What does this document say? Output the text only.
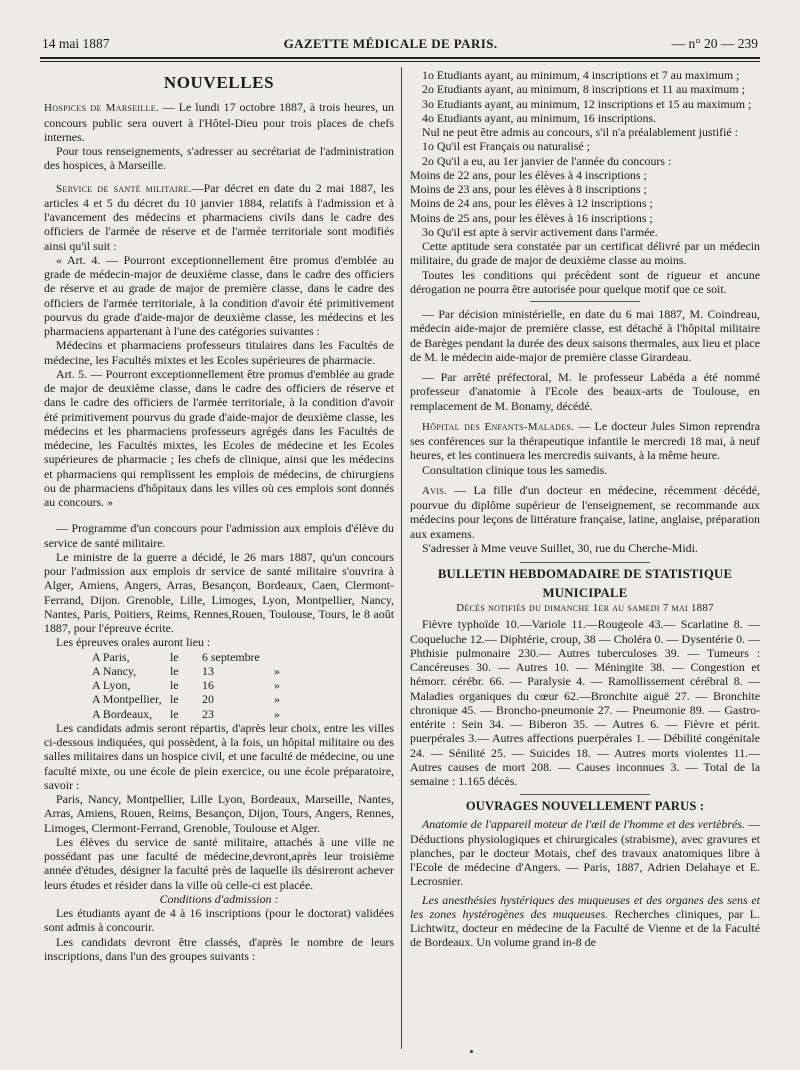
14 mai 1887	GAZETTE MÉDICALE DE PARIS.	— n° 20 — 239
NOUVELLES

Hospices de Marseille. — Le lundi 17 octobre 1887, à trois heures, un concours public sera ouvert à l'Hôtel-Dieu pour trois places de chefs internes.

Pour tous renseignements, s'adresser au secrétariat de l'administration des hospices, à Marseille.

Service de santé militaire.—Par décret en date du 2 mai 1887, les articles 4 et 5 du décret du 10 janvier 1884, relatifs à l'admission et à l'avancement des médecins et pharmaciens civils dans le cadre des officiers de l'armée de réserve et de l'armée territoriale sont modifiés ainsi qu'il suit :

« Art. 4. — Pourront exceptionnellement être promus d'emblée au grade de médecin-major de deuxième classe, dans le cadre des officiers de réserve et au grade de major de première classe, dans le cadre des officiers de l'armée territoriale, à la condition d'avoir été primitivement pourvus du grade d'aide-major de deuxième classe, les médecins et les pharmaciens appartenant à l'une des catégories suivantes :

Médecins et pharmaciens professeurs titulaires dans les Facultés de médecine, les Facultés mixtes et les Ecoles supérieures de pharmacie.

Art. 5. — Pourront exceptionnellement être promus d'emblée au grade de major de deuxième classe, dans le cadre des officiers de réserve et dans le cadre des officiers de l'armée territoriale, à la condition d'avoir été primitivement pourvus du grade d'aide-major de deuxième classe, les médecins et les pharmaciens professeurs agrégés dans les Facultés de médecine, les Facultés mixtes, les Ecoles de médecine et les Ecoles supérieures de pharmacie ; les chefs de clinique, ainsi que les médecins et pharmaciens qui remplissent les emplois de médecins, de chirurgiens ou de pharmaciens d'hôpitaux dans les villes où ces emplois sont donnés au concours. »

— Programme d'un concours pour l'admission aux emplois d'élève du service de santé militaire.

Le ministre de la guerre a décidé, le 26 mars 1887, qu'un concours pour l'admission aux emplois dr service de santé militaire s'ouvrira à Alger, Amiens, Angers, Arras, Besançon, Bordeaux, Caen, Clermont-Ferrand, Dijon. Grenoble, Lille, Limoges, Lyon, Montpellier, Nancy, Nantes, Paris, Poitiers, Reims, Rennes,Rouen, Toulouse, Tours, le 8 août 1887, pour l'épreuve écrite.

Les épreuves orales auront lieu :

A Paris,	le	6 septembre
A Nancy,	le	13	»
A Lyon,	le	16	»
A Montpellier, le	20	»
A Bordeaux,	le	23	»

Les candidats admis seront répartis, d'après leur choix, entre les villes ci-dessous indiquées, qui possèdent, à la fois, un hôpital militaire ou des salles militaires dans un hospice civil, et une faculté de médecine, ou une faculté mixte, ou une école de plein exercice, ou une école préparatoire, savoir :

Paris, Nancy, Montpellier, Lille Lyon, Bordeaux, Marseille, Nantes, Arras, Amiens, Rouen, Reims, Besançon, Dijon, Tours, Angers, Rennes, Limoges, Clermont-Ferrand, Grenoble, Toulouse et Alger.

Les élèves du service de santé militaire, attachés à une ville ne possédant pas une faculté de médecine,devront,après leur troisième année d'études, désigner la faculté près de laquelle ils désireront achever leurs études et résider dans la ville où celle-ci est placée.

Conditions d'admission :

Les étudiants ayant de 4 à 16 inscriptions (pour le doctorat) validées sont admis à concourir.

Les candidats devront être classés, d'après le nombre de leurs inscriptions, dans l'un des groupes suivants :

1o Etudiants ayant, au minimum, 4 inscriptions et 7 au maximum ;

2o Etudiants ayant, au minimum, 8 inscriptions et 11 au maximum ;

3o Etudiants ayant, au minimum, 12 inscriptions et 15 au maximum ;

4o Etudiants ayant, au minimum, 16 inscriptions.

Nul ne peut être admis au concours, s'il n'a préalablement justifié :

1o Qu'il est Français ou naturalisé ;

2o Qu'il a eu, au 1er janvier de l'année du concours :

Moins de 22 ans, pour les élèves à 4 inscriptions ;

Moins de 23 ans, pour les élèves à 8 inscriptions ;

Moins de 24 ans, pour les élèves à 12 inscriptions ;

Moins de 25 ans, pour les élèves à 16 inscriptions ;

3o Qu'il est apte à servir activement dans l'armée.

Cette aptitude sera constatée par un certificat délivré par un médecin militaire, du grade de major de deuxième classe au moins.

Toutes les conditions qui précèdent sont de rigueur et ancune dérogation ne pourra être autorisée pour quelque motif que ce soit.

— Par décision ministérielle, en date du 6 mai 1887, M. Coindreau, médecin aide-major de première classe, est détaché à l'hôpital militaire de Barèges pendant la durée des deux saisons thermales, aux lieu et place de M. le médecin aide-major de première classe Girardeau.

— Par arrêté préfectoral, M. le professeur Labéda a été nommé professeur d'anatomie à l'Ecole des beaux-arts de Toulouse, en remplacement de M. Bonamy, décédé.

Hôpital des Enfants-Malades. — Le docteur Jules Simon reprendra ses conférences sur la thérapeutique infantile le mercredi 18 mai, à neuf heures, et les continuera les mercredis suivants, à la même heure.

Consultation clinique tous les samedis.

Avis. — La fille d'un docteur en médecine, récemment décédé, pourvue du diplôme supérieur de l'enseignement, se recommande aux médecins pour leçons de littérature française, latine, anglaise, préparation aux examens.

S'adresser à Mme veuve Suillet, 30, rue du Cherche-Midi.

BULLETIN HEBDOMADAIRE DE STATISTIQUE
MUNICIPALE
Décès notifiés du dimanche 1er au samedi 7 mai 1887

Fièvre typhoïde 10.—Variole 11.—Rougeole 43.— Scarlatine 8. — Coqueluche 12.— Diphtérie, croup, 38 — Choléra 0. — Dysentérie 0. — Phthisie pulmonaire 230.— Autres tuberculoses 39. — Tumeurs : Cancéreuses 30. — Autres 10. — Méningite 38. — Congestion et hémorr. cérébr. 66. — Paralysie 4. — Ramollissement cérébral 8. — Maladies organiques du cœur 62.—Bronchite aiguë 27. — Bronchite chronique 45. — Broncho-pneumonie 27. — Pneumonie 89. — Gastro-entérite : Sein 34. — Biberon 35. — Autres 6. — Fièvre et périt. puerpérales 3.— Autres affections puerpérales 1. — Débilité congénitale 24. — Sénilité 25. — Suicides 18. — Autres morts violentes 11.— Autres causes de mort 208. — Causes inconnues 3. — Total de la semaine : 1.165 décès.

OUVRAGES NOUVELLEMENT PARUS :

Anatomie de l'appareil moteur de l'œil de l'homme et des vertèbrés. — Déductions physiologiques et chirurgicales (strabisme), avec gravures et planches, par le docteur Motais, chef des travaux anatomiques libre à l'Ecole de médecine d'Angers. — Paris, 1887, Adrien Delahaye et E. Lecrosnier.

Les anesthésies hystériques des muqueuses et des organes des sens et les zones hystérogènes des muqueuses. Recherches cliniques, par L. Lichtwitz, docteur en médecine de la Faculté de Vienne et de la Faculté de Bordeaux. Un volume grand in-8 de
